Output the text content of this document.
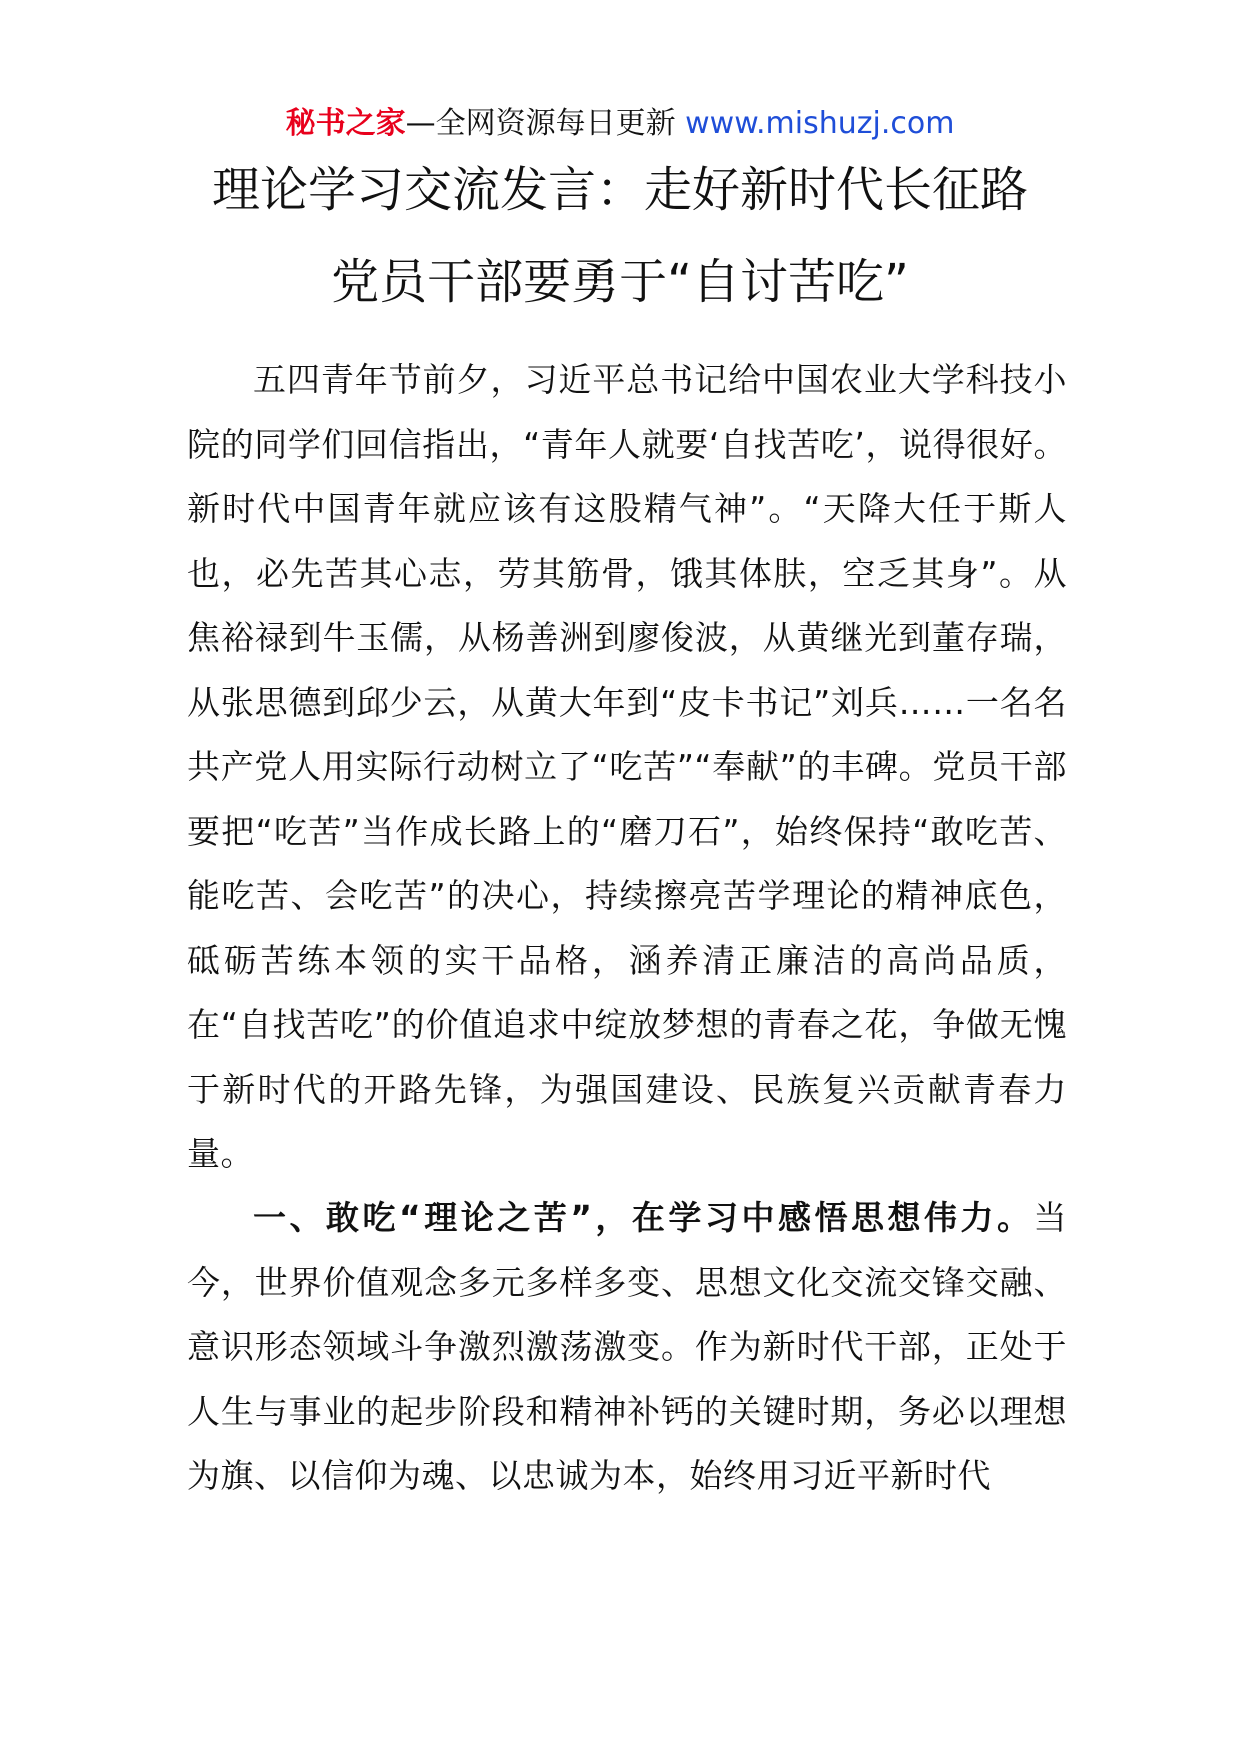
秘书之家—全网资源每日更新 www.mishuzj.com
理论学习交流发言：走好新时代长征路
党员干部要勇于“自讨苦吃”

五四青年节前夕，习近平总书记给中国农业大学科技小院的同学们回信指出，“青年人就要‘自找苦吃’，说得很好。新时代中国青年就应该有这股精气神”。“天降大任于斯人也，必先苦其心志，劳其筋骨，饿其体肤，空乏其身”。从焦裕禄到牛玉儒，从杨善洲到廖俊波，从黄继光到董存瑞，从张思德到邱少云，从黄大年到“皮卡书记”刘兵……一名名共产党人用实际行动树立了“吃苦”“奉献”的丰碑。党员干部要把“吃苦”当作成长路上的“磨刀石”，始终保持“敢吃苦、能吃苦、会吃苦”的决心，持续擦亮苦学理论的精神底色，砥砺苦练本领的实干品格，涵养清正廉洁的高尚品质，在“自找苦吃”的价值追求中绽放梦想的青春之花，争做无愧于新时代的开路先锋，为强国建设、民族复兴贡献青春力量。

一、敢吃“理论之苦”，在学习中感悟思想伟力。当今，世界价值观念多元多样多变、思想文化交流交锋交融、意识形态领域斗争激烈激荡激变。作为新时代干部，正处于人生与事业的起步阶段和精神补钙的关键时期，务必以理想为旗、以信仰为魂、以忠诚为本，始终用习近平新时代
